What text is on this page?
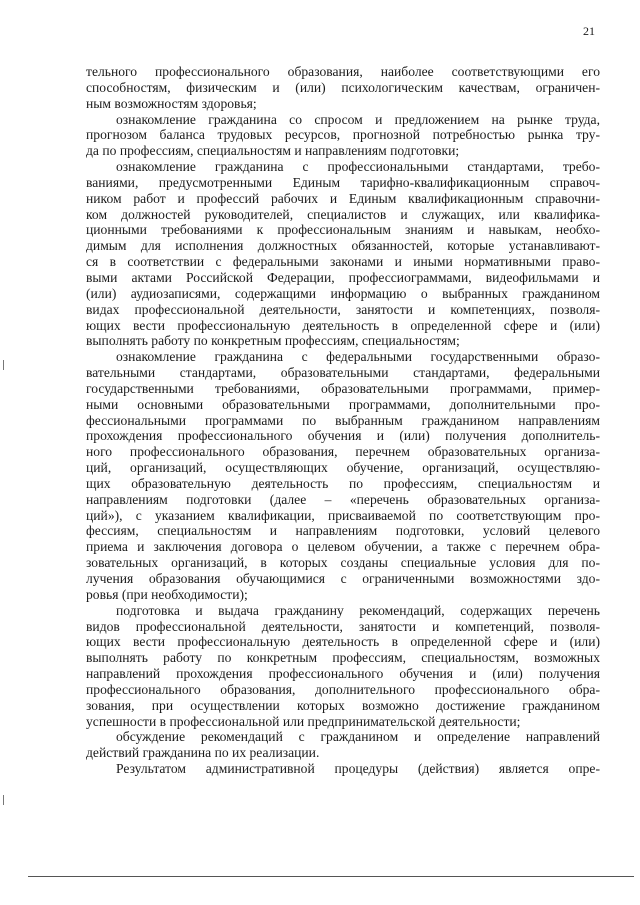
21
тельного профессионального образования, наиболее соответствующими его
способностям, физическим и (или) психологическим качествам, ограничен-
ным возможностям здоровья;
ознакомление гражданина со спросом и предложением на рынке труда,
прогнозом баланса трудовых ресурсов, прогнозной потребностью рынка тру-
да по профессиям, специальностям и направлениям подготовки;
ознакомление гражданина с профессиональными стандартами, требо-
ваниями, предусмотренными Единым тарифно-квалификационным справоч-
ником работ и профессий рабочих и Единым квалификационным справочни-
ком должностей руководителей, специалистов и служащих, или квалифика-
ционными требованиями к профессиональным знаниям и навыкам, необхо-
димым для исполнения должностных обязанностей, которые устанавливают-
ся в соответствии с федеральными законами и иными нормативными право-
выми актами Российской Федерации, профессиограммами, видеофильмами и
(или) аудиозаписями, содержащими информацию о выбранных гражданином
видах профессиональной деятельности, занятости и компетенциях, позволя-
ющих вести профессиональную деятельность в определенной сфере и (или)
выполнять работу по конкретным профессиям, специальностям;
ознакомление гражданина с федеральными государственными образо-
вательными стандартами, образовательными стандартами, федеральными
государственными требованиями, образовательными программами, пример-
ными основными образовательными программами, дополнительными про-
фессиональными программами по выбранным гражданином направлениям
прохождения профессионального обучения и (или) получения дополнитель-
ного профессионального образования, перечнем образовательных организа-
ций, организаций, осуществляющих обучение, организаций, осуществляю-
щих образовательную деятельность по профессиям, специальностям и
направлениям подготовки (далее – «перечень образовательных организа-
ций»), с указанием квалификации, присваиваемой по соответствующим про-
фессиям, специальностям и направлениям подготовки, условий целевого
приема и заключения договора о целевом обучении, а также с перечнем обра-
зовательных организаций, в которых созданы специальные условия для по-
лучения образования обучающимися с ограниченными возможностями здо-
ровья (при необходимости);
подготовка и выдача гражданину рекомендаций, содержащих перечень
видов профессиональной деятельности, занятости и компетенций, позволя-
ющих вести профессиональную деятельность в определенной сфере и (или)
выполнять работу по конкретным профессиям, специальностям, возможных
направлений прохождения профессионального обучения и (или) получения
профессионального образования, дополнительного профессионального обра-
зования, при осуществлении которых возможно достижение гражданином
успешности в профессиональной или предпринимательской деятельности;
обсуждение рекомендаций с гражданином и определение направлений
действий гражданина по их реализации.
Результатом административной процедуры (действия) является опре-
